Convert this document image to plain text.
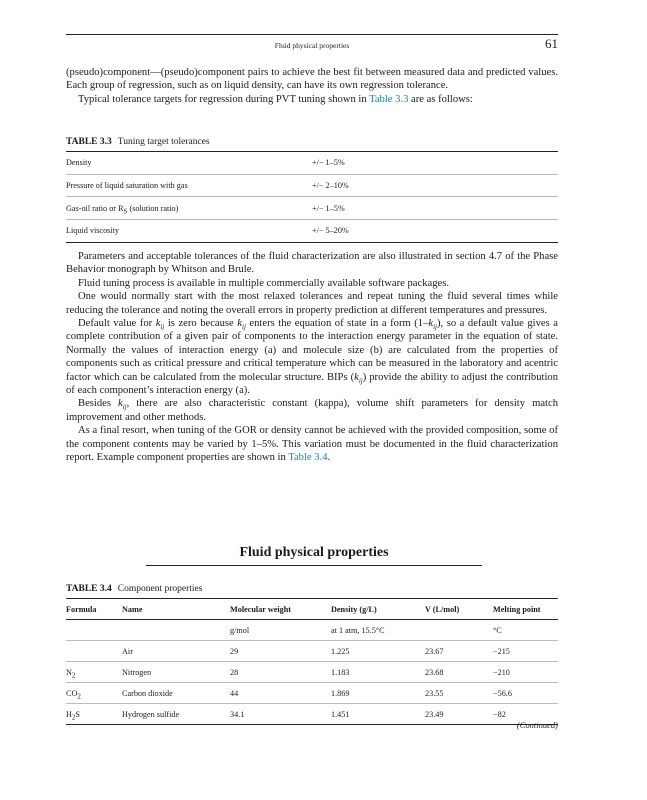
Fluid physical properties	61

(pseudo)component—(pseudo)component pairs to achieve the best fit between measured data and predicted values. Each group of regression, such as on liquid density, can have its own regression tolerance.

Typical tolerance targets for regression during PVT tuning shown in Table 3.3 are as follows:

TABLE 3.3 Tuning target tolerances
Density	+/− 1–5%
Pressure of liquid saturation with gas	+/− 2–10%
Gas-oil ratio or $R_S$ (solution ratio)	+/− 1–5%
Liquid viscosity	+/− 5–20%

Parameters and acceptable tolerances of the fluid characterization are also illustrated in section 4.7 of the Phase Behavior monograph by Whitson and Brule.

Fluid tuning process is available in multiple commercially available software packages.

One would normally start with the most relaxed tolerances and repeat tuning the fluid several times while reducing the tolerance and noting the overall errors in property prediction at different temperatures and pressures.

Default value for $k_{ij}$ is zero because $k_{ij}$ enters the equation of state in a form $(1-k_{ij})$, so a default value gives a complete contribution of a given pair of components to the interaction energy parameter in the equation of state. Normally the values of interaction energy (a) and molecule size (b) are calculated from the properties of components such as critical pressure and critical temperature which can be measured in the laboratory and acentric factor which can be calculated from the molecular structure. BIPs $(k_{ij})$ provide the ability to adjust the contribution of each component’s interaction energy (a).

Besides $k_{ij}$, there are also characteristic constant (kappa), volume shift parameters for density match improvement and other methods.

As a final resort, when tuning of the GOR or density cannot be achieved with the provided composition, some of the component contents may be varied by 1–5%. This variation must be documented in the fluid characterization report. Example component properties are shown in Table 3.4.

Fluid physical properties
TABLE 3.4 Component properties
Formula	Name	Molecular weight	Density (g/L)	V (L/mol)	Melting point
		g/mol	at 1 atm, 15.5°C		°C
	Air	29	1.225	23.67	−215
$N_2$	Nitrogen	28	1.183	23.68	−210
$CO_2$	Carbon dioxide	44	1.869	23.55	−56.6
$H_2S$	Hydrogen sulfide	34.1	1.451	23.49	−82
(Continued)
